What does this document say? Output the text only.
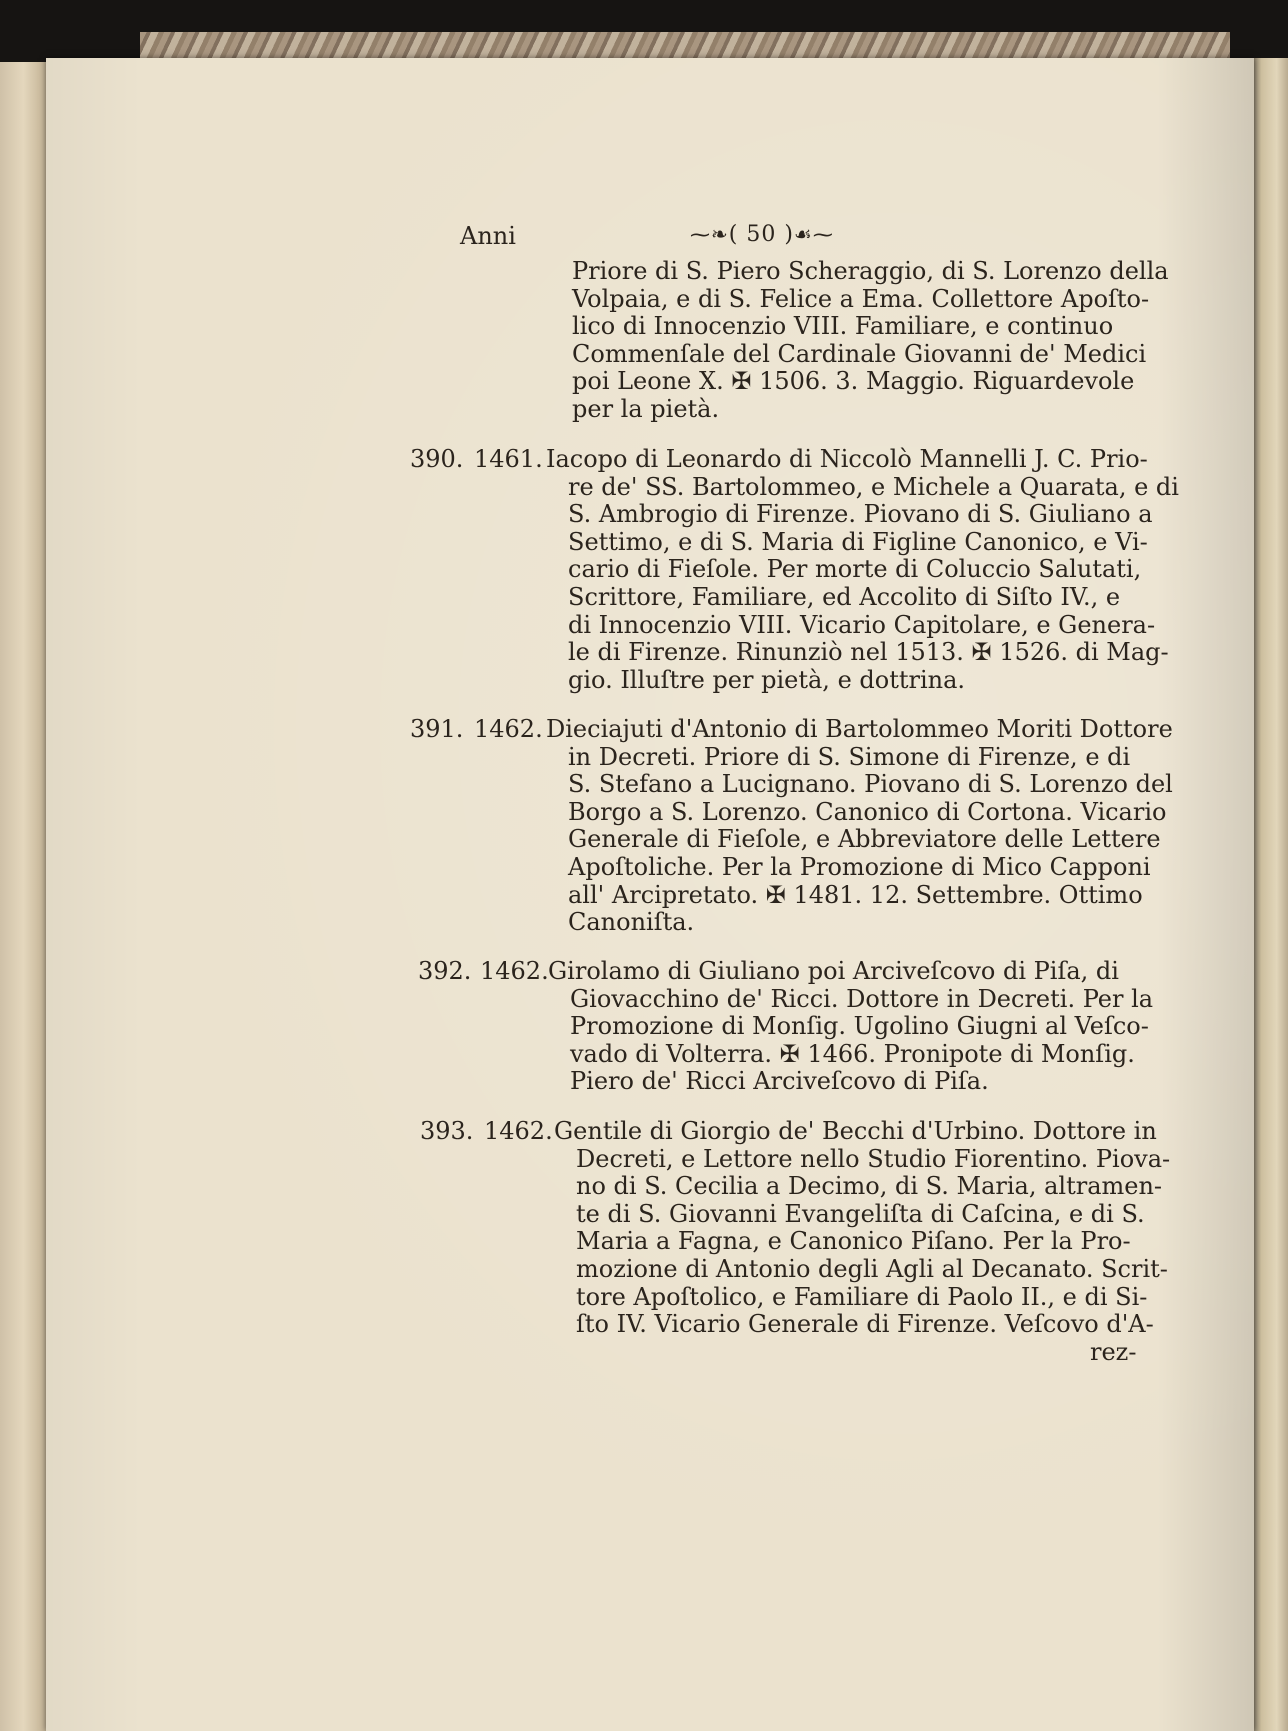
Anni	⁓❧( 50 )☙⁓
Priore di S. Piero Scheraggio, di S. Lorenzo della
Volpaia, e di S. Felice a Ema. Collettore Apoſto-
lico di Innocenzio VIII. Familiare, e continuo
Commenſale del Cardinale Giovanni de' Medici
poi Leone X. ✠ 1506. 3. Maggio. Riguardevole
per la pietà.
390. 1461. Iacopo di Leonardo di Niccolò Mannelli J. C. Prio-
re de' SS. Bartolommeo, e Michele a Quarata, e di
S. Ambrogio di Firenze. Piovano di S. Giuliano a
Settimo, e di S. Maria di Figline Canonico, e Vi-
cario di Fieſole. Per morte di Coluccio Salutati,
Scrittore, Familiare, ed Accolito di Siſto IV., e
di Innocenzio VIII. Vicario Capitolare, e Genera-
le di Firenze. Rinunziò nel 1513. ✠ 1526. di Mag-
gio. Illuſtre per pietà, e dottrina.
391. 1462. Dieciajuti d'Antonio di Bartolommeo Moriti Dottore
in Decreti. Priore di S. Simone di Firenze, e di
S. Stefano a Lucignano. Piovano di S. Lorenzo del
Borgo a S. Lorenzo. Canonico di Cortona. Vicario
Generale di Fieſole, e Abbreviatore delle Lettere
Apoſtoliche. Per la Promozione di Mico Capponi
all' Arcipretato. ✠ 1481. 12. Settembre. Ottimo
Canoniſta.
392. 1462. Girolamo di Giuliano poi Arciveſcovo di Piſa, di
Giovacchino de' Ricci. Dottore in Decreti. Per la
Promozione di Monſig. Ugolino Giugni al Veſco-
vado di Volterra. ✠ 1466. Pronipote di Monſig.
Piero de' Ricci Arciveſcovo di Piſa.
393. 1462. Gentile di Giorgio de' Becchi d'Urbino. Dottore in
Decreti, e Lettore nello Studio Fiorentino. Piova-
no di S. Cecilia a Decimo, di S. Maria, altramen-
te di S. Giovanni Evangeliſta di Caſcina, e di S.
Maria a Fagna, e Canonico Piſano. Per la Pro-
mozione di Antonio degli Agli al Decanato. Scrit-
tore Apoſtolico, e Familiare di Paolo II., e di Si-
ſto IV. Vicario Generale di Firenze. Veſcovo d'A-
rez-
